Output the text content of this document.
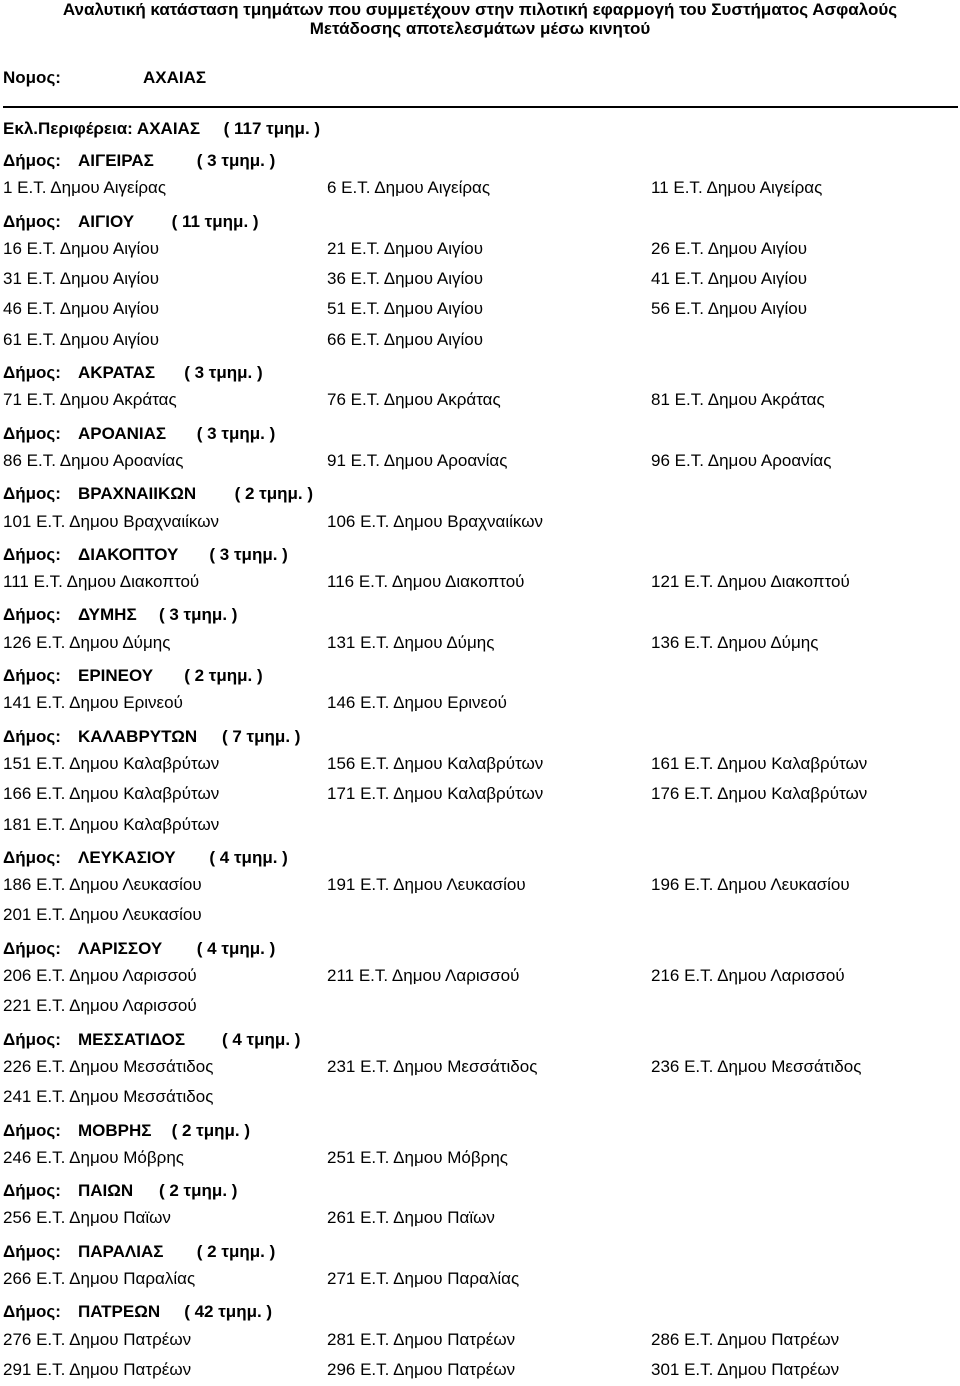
Αναλυτική κατάσταση τμημάτων που συμμετέχουν στην πιλοτική εφαρμογή του Συστήματος Ασφαλούς
Μετάδοσης αποτελεσμάτων μέσω κινητού
Νομος:	ΑΧΑΙΑΣ
Εκλ.Περιφέρεια: ΑΧΑΙΑΣ     ( 117 τμημ. )
Δήμος: ΑΙΓΕΙΡΑΣ	( 3 τμημ. )
1 Ε.Τ. Δημου Αιγείρας	6 Ε.Τ. Δημου Αιγείρας	11 Ε.Τ. Δημου Αιγείρας
Δήμος: ΑΙΓΙΟΥ ( 11 τμημ. )
16 Ε.Τ. Δημου Αιγίου	21 Ε.Τ. Δημου Αιγίου	26 Ε.Τ. Δημου Αιγίου
31 Ε.Τ. Δημου Αιγίου	36 Ε.Τ. Δημου Αιγίου	41 Ε.Τ. Δημου Αιγίου
46 Ε.Τ. Δημου Αιγίου	51 Ε.Τ. Δημου Αιγίου	56 Ε.Τ. Δημου Αιγίου
61 Ε.Τ. Δημου Αιγίου	66 Ε.Τ. Δημου Αιγίου
Δήμος: ΑΚΡΑΤΑΣ ( 3 τμημ. )
71 Ε.Τ. Δημου Ακράτας	76 Ε.Τ. Δημου Ακράτας	81 Ε.Τ. Δημου Ακράτας
Δήμος: ΑΡΟΑΝΙΑΣ ( 3 τμημ. )
86 Ε.Τ. Δημου Αροανίας	91 Ε.Τ. Δημου Αροανίας	96 Ε.Τ. Δημου Αροανίας
Δήμος: ΒΡΑΧΝΑΙΙΚΩΝ ( 2 τμημ. )
101 Ε.Τ. Δημου Βραχναιίκων	106 Ε.Τ. Δημου Βραχναιίκων
Δήμος: ΔΙΑΚΟΠΤΟΥ ( 3 τμημ. )
111 Ε.Τ. Δημου Διακοπτού	116 Ε.Τ. Δημου Διακοπτού	121 Ε.Τ. Δημου Διακοπτού
Δήμος: ΔΥΜΗΣ ( 3 τμημ. )
126 Ε.Τ. Δημου Δύμης	131 Ε.Τ. Δημου Δύμης	136 Ε.Τ. Δημου Δύμης
Δήμος: ΕΡΙΝΕΟΥ ( 2 τμημ. )
141 Ε.Τ. Δημου Ερινεού	146 Ε.Τ. Δημου Ερινεού
Δήμος: ΚΑΛΑΒΡΥΤΩΝ ( 7 τμημ. )
151 Ε.Τ. Δημου Καλαβρύτων	156 Ε.Τ. Δημου Καλαβρύτων	161 Ε.Τ. Δημου Καλαβρύτων
166 Ε.Τ. Δημου Καλαβρύτων	171 Ε.Τ. Δημου Καλαβρύτων	176 Ε.Τ. Δημου Καλαβρύτων
181 Ε.Τ. Δημου Καλαβρύτων
Δήμος: ΛΕΥΚΑΣΙΟΥ ( 4 τμημ. )
186 Ε.Τ. Δημου Λευκασίου	191 Ε.Τ. Δημου Λευκασίου	196 Ε.Τ. Δημου Λευκασίου
201 Ε.Τ. Δημου Λευκασίου
Δήμος: ΛΑΡΙΣΣΟΥ ( 4 τμημ. )
206 Ε.Τ. Δημου Λαρισσού	211 Ε.Τ. Δημου Λαρισσού	216 Ε.Τ. Δημου Λαρισσού
221 Ε.Τ. Δημου Λαρισσού
Δήμος: ΜΕΣΣΑΤΙΔΟΣ ( 4 τμημ. )
226 Ε.Τ. Δημου Μεσσάτιδος	231 Ε.Τ. Δημου Μεσσάτιδος	236 Ε.Τ. Δημου Μεσσάτιδος
241 Ε.Τ. Δημου Μεσσάτιδος
Δήμος: ΜΟΒΡΗΣ ( 2 τμημ. )
246 Ε.Τ. Δημου Μόβρης	251 Ε.Τ. Δημου Μόβρης
Δήμος: ΠΑΙΩΝ ( 2 τμημ. )
256 Ε.Τ. Δημου Παϊων	261 Ε.Τ. Δημου Παϊων
Δήμος: ΠΑΡΑΛΙΑΣ ( 2 τμημ. )
266 Ε.Τ. Δημου Παραλίας	271 Ε.Τ. Δημου Παραλίας
Δήμος: ΠΑΤΡΕΩΝ ( 42 τμημ. )
276 Ε.Τ. Δημου Πατρέων	281 Ε.Τ. Δημου Πατρέων	286 Ε.Τ. Δημου Πατρέων
291 Ε.Τ. Δημου Πατρέων	296 Ε.Τ. Δημου Πατρέων	301 Ε.Τ. Δημου Πατρέων
